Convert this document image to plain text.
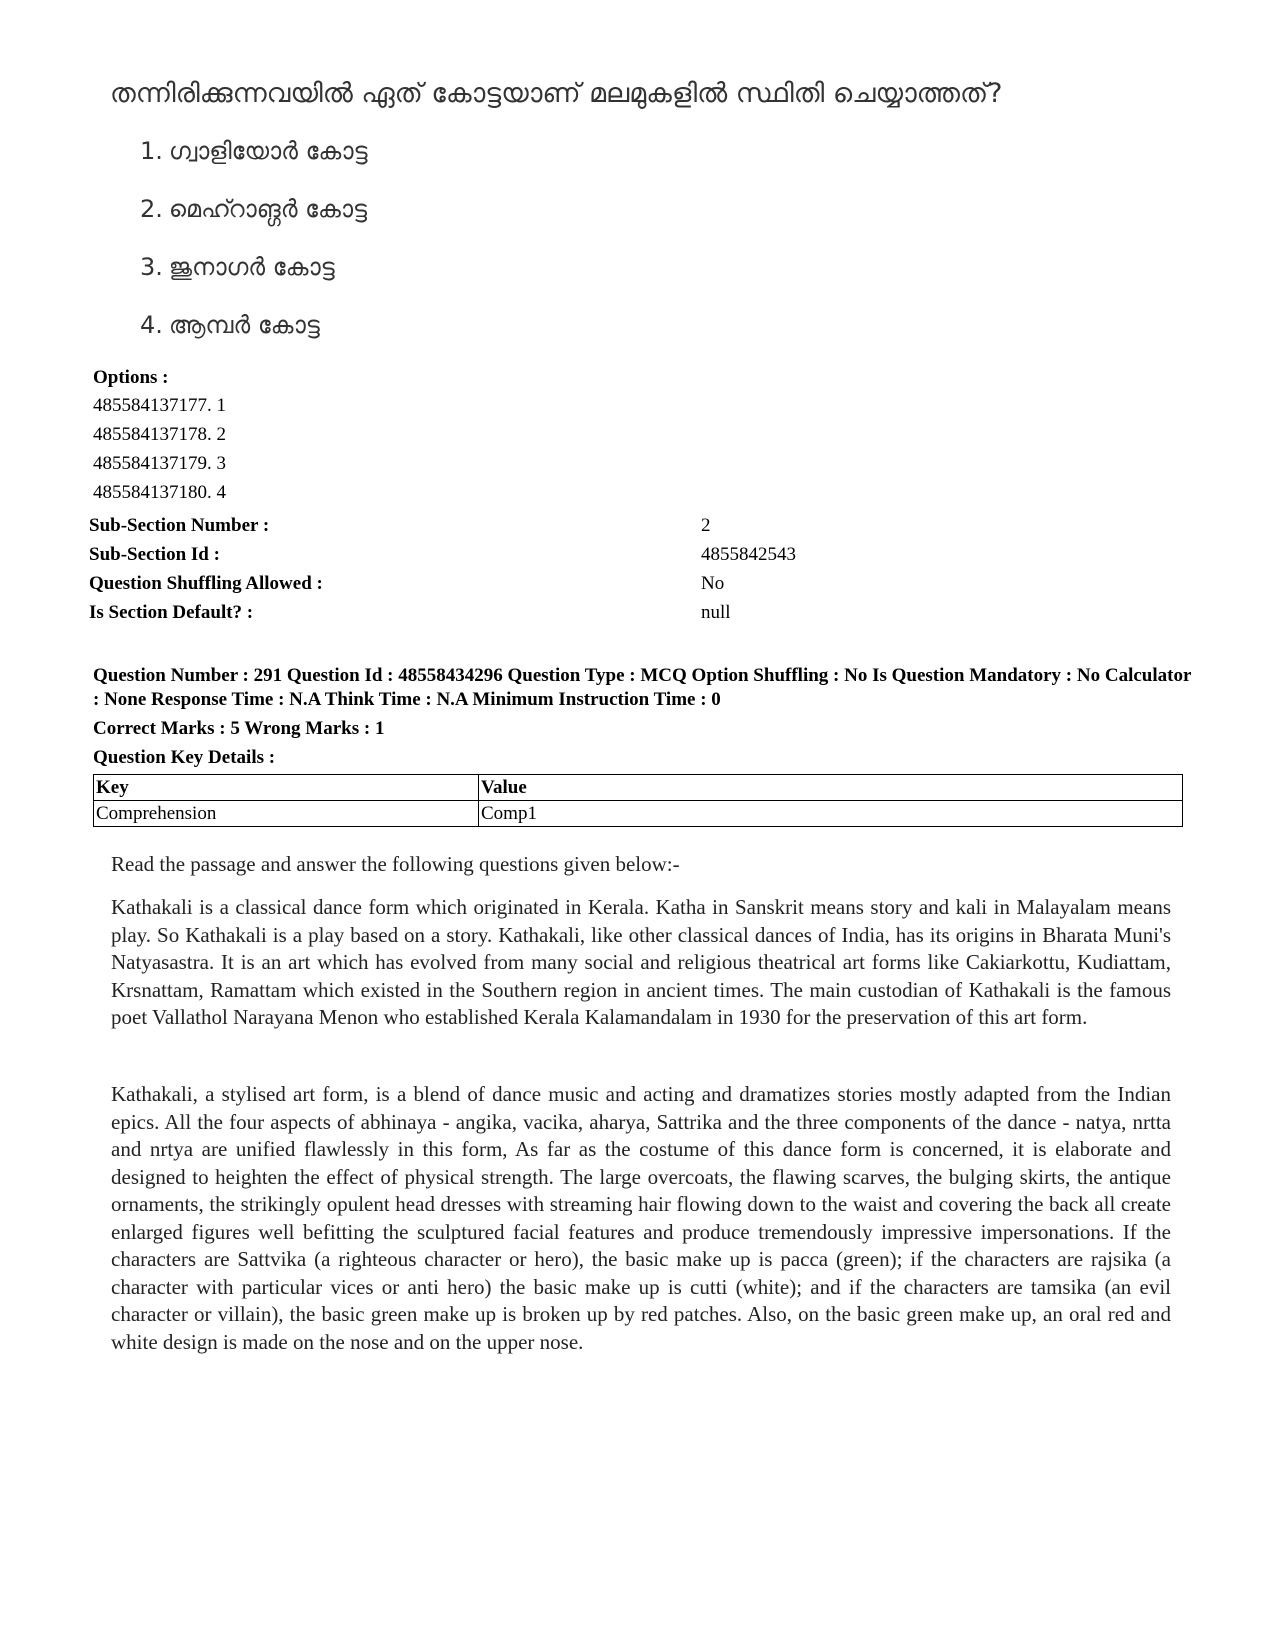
തന്നിരിക്കുന്നവയിൽ ഏത് കോട്ടയാണ് മലമുകളിൽ സ്ഥിതി ചെയ്യാത്തത്?
1. ഗ്വാളിയോർ കോട്ട
2. മെഹ്റാങ്ഗർ കോട്ട
3. ജുനാഗർ കോട്ട
4. ആമ്പർ കോട്ട
Options :
485584137177. 1
485584137178. 2
485584137179. 3
485584137180. 4
Sub-Section Number :	2
Sub-Section Id :	4855842543
Question Shuffling Allowed :	No
Is Section Default? :	null
Question Number : 291 Question Id : 48558434296 Question Type : MCQ Option Shuffling : No Is Question Mandatory : No Calculator : None Response Time : N.A Think Time : N.A Minimum Instruction Time : 0
Correct Marks : 5 Wrong Marks : 1
Question Key Details :
Key	Value
Comprehension	Comp1
Read the passage and answer the following questions given below:-
Kathakali is a classical dance form which originated in Kerala. Katha in Sanskrit means story and kali in Malayalam means play. So Kathakali is a play based on a story. Kathakali, like other classical dances of India, has its origins in Bharata Muni's Natyasastra. It is an art which has evolved from many social and religious theatrical art forms like Cakiarkottu, Kudiattam, Krsnattam, Ramattam which existed in the Southern region in ancient times. The main custodian of Kathakali is the famous poet Vallathol Narayana Menon who established Kerala Kalamandalam in 1930 for the preservation of this art form.
Kathakali, a stylised art form, is a blend of dance music and acting and dramatizes stories mostly adapted from the Indian epics. All the four aspects of abhinaya - angika, vacika, aharya, Sattrika and the three components of the dance - natya, nrtta and nrtya are unified flawlessly in this form, As far as the costume of this dance form is concerned, it is elaborate and designed to heighten the effect of physical strength. The large overcoats, the flawing scarves, the bulging skirts, the antique ornaments, the strikingly opulent head dresses with streaming hair flowing down to the waist and covering the back all create enlarged figures well befitting the sculptured facial features and produce tremendously impressive impersonations. If the characters are Sattvika (a righteous character or hero), the basic make up is pacca (green); if the characters are rajsika (a character with particular vices or anti hero) the basic make up is cutti (white); and if the characters are tamsika (an evil character or villain), the basic green make up is broken up by red patches. Also, on the basic green make up, an oral red and white design is made on the nose and on the upper nose.
